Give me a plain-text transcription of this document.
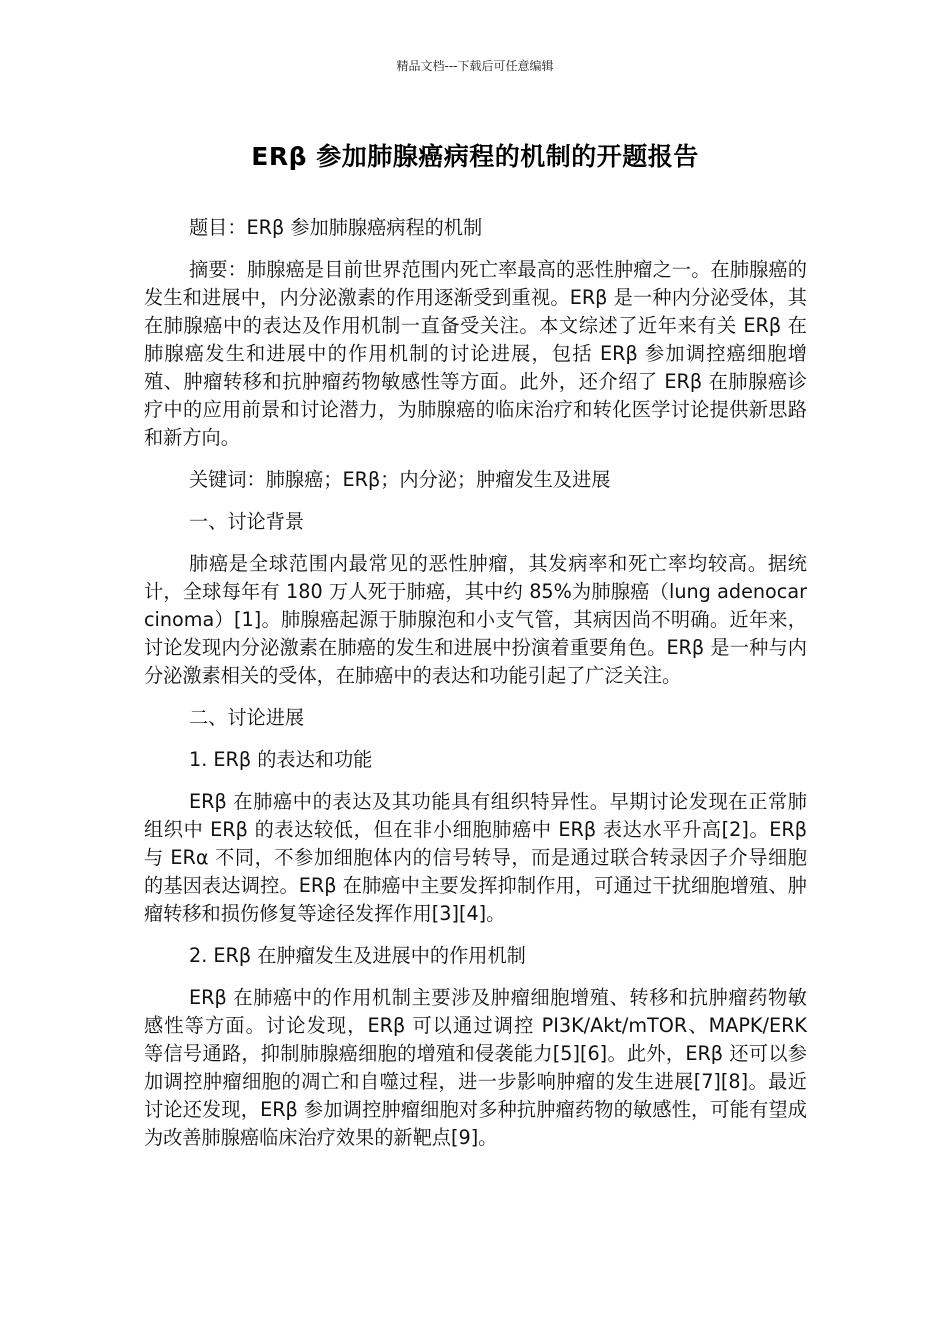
精品文档---下载后可任意编辑
ERβ 参加肺腺癌病程的机制的开题报告

题目：ERβ 参加肺腺癌病程的机制

摘要：肺腺癌是目前世界范围内死亡率最高的恶性肿瘤之一。在肺腺癌的发生和进展中，内分泌激素的作用逐渐受到重视。ERβ 是一种内分泌受体，其在肺腺癌中的表达及作用机制一直备受关注。本文综述了近年来有关 ERβ 在肺腺癌发生和进展中的作用机制的讨论进展，包括 ERβ 参加调控癌细胞增殖、肿瘤转移和抗肿瘤药物敏感性等方面。此外，还介绍了 ERβ 在肺腺癌诊疗中的应用前景和讨论潜力，为肺腺癌的临床治疗和转化医学讨论提供新思路和新方向。

关键词：肺腺癌；ERβ；内分泌；肿瘤发生及进展

一、讨论背景

肺癌是全球范围内最常见的恶性肿瘤，其发病率和死亡率均较高。据统计，全球每年有 180 万人死于肺癌，其中约 85%为肺腺癌（lung adenocarcinoma）[1]。肺腺癌起源于肺腺泡和小支气管，其病因尚不明确。近年来，讨论发现内分泌激素在肺癌的发生和进展中扮演着重要角色。ERβ 是一种与内分泌激素相关的受体，在肺癌中的表达和功能引起了广泛关注。

二、讨论进展

1. ERβ 的表达和功能

ERβ 在肺癌中的表达及其功能具有组织特异性。早期讨论发现在正常肺组织中 ERβ 的表达较低，但在非小细胞肺癌中 ERβ 表达水平升高[2]。ERβ 与 ERα 不同，不参加细胞体内的信号转导，而是通过联合转录因子介导细胞的基因表达调控。ERβ 在肺癌中主要发挥抑制作用，可通过干扰细胞增殖、肿瘤转移和损伤修复等途径发挥作用[3][4]。

2. ERβ 在肿瘤发生及进展中的作用机制

ERβ 在肺癌中的作用机制主要涉及肿瘤细胞增殖、转移和抗肿瘤药物敏感性等方面。讨论发现，ERβ 可以通过调控 PI3K/Akt/mTOR、MAPK/ERK 等信号通路，抑制肺腺癌细胞的增殖和侵袭能力[5][6]。此外，ERβ 还可以参加调控肿瘤细胞的凋亡和自噬过程，进一步影响肿瘤的发生进展[7][8]。最近讨论还发现，ERβ 参加调控肿瘤细胞对多种抗肿瘤药物的敏感性，可能有望成为改善肺腺癌临床治疗效果的新靶点[9]。
